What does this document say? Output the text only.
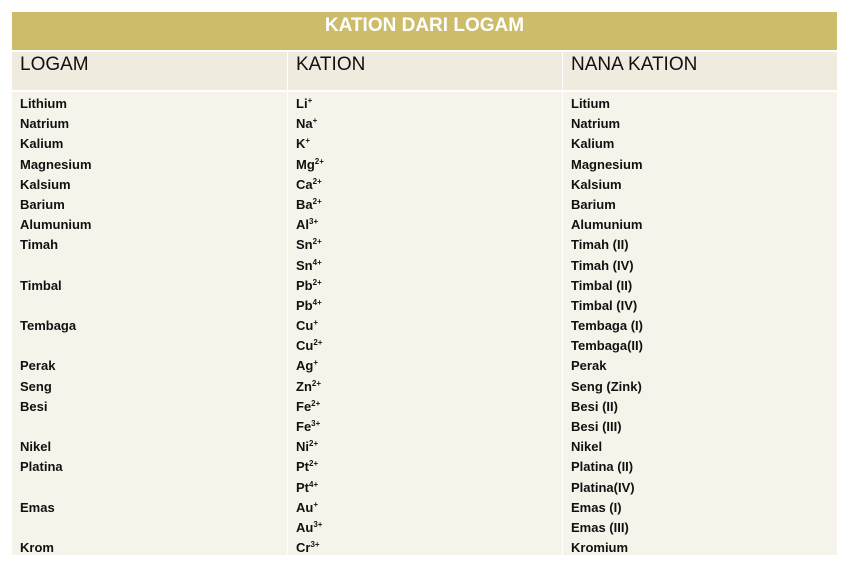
KATION DARI LOGAM
LOGAM	KATION	NANA KATION
Lithium
Natrium
Kalium
Magnesium
Kalsium
Barium
Alumunium
Timah
Timbal
Tembaga
Perak
Seng
Besi
Nikel
Platina
Emas
Krom
Li+
Na+
K+
$Mg^{2+}$
$Ca^{2+}$
$Ba^{2+}$
$Al^{3+}$
$Sn^{2+}$
$Sn^{4+}$
$Pb^{2+}$
$Pb^{4+}$
Cu+
$Cu^{2+}$
Ag+
$Zn^{2+}$
$Fe^{2+}$
$Fe^{3+}$
$Ni^{2+}$
$Pt^{2+}$
$Pt^{4+}$
Au+
$Au^{3+}$
$Cr^{3+}$
Litium
Natrium
Kalium
Magnesium
Kalsium
Barium
Alumunium
Timah (II)
Timah (IV)
Timbal (II)
Timbal (IV)
Tembaga (I)
Tembaga(II)
Perak
Seng (Zink)
Besi (II)
Besi (III)
Nikel
Platina (II)
Platina(IV)
Emas (I)
Emas (III)
Kromium
